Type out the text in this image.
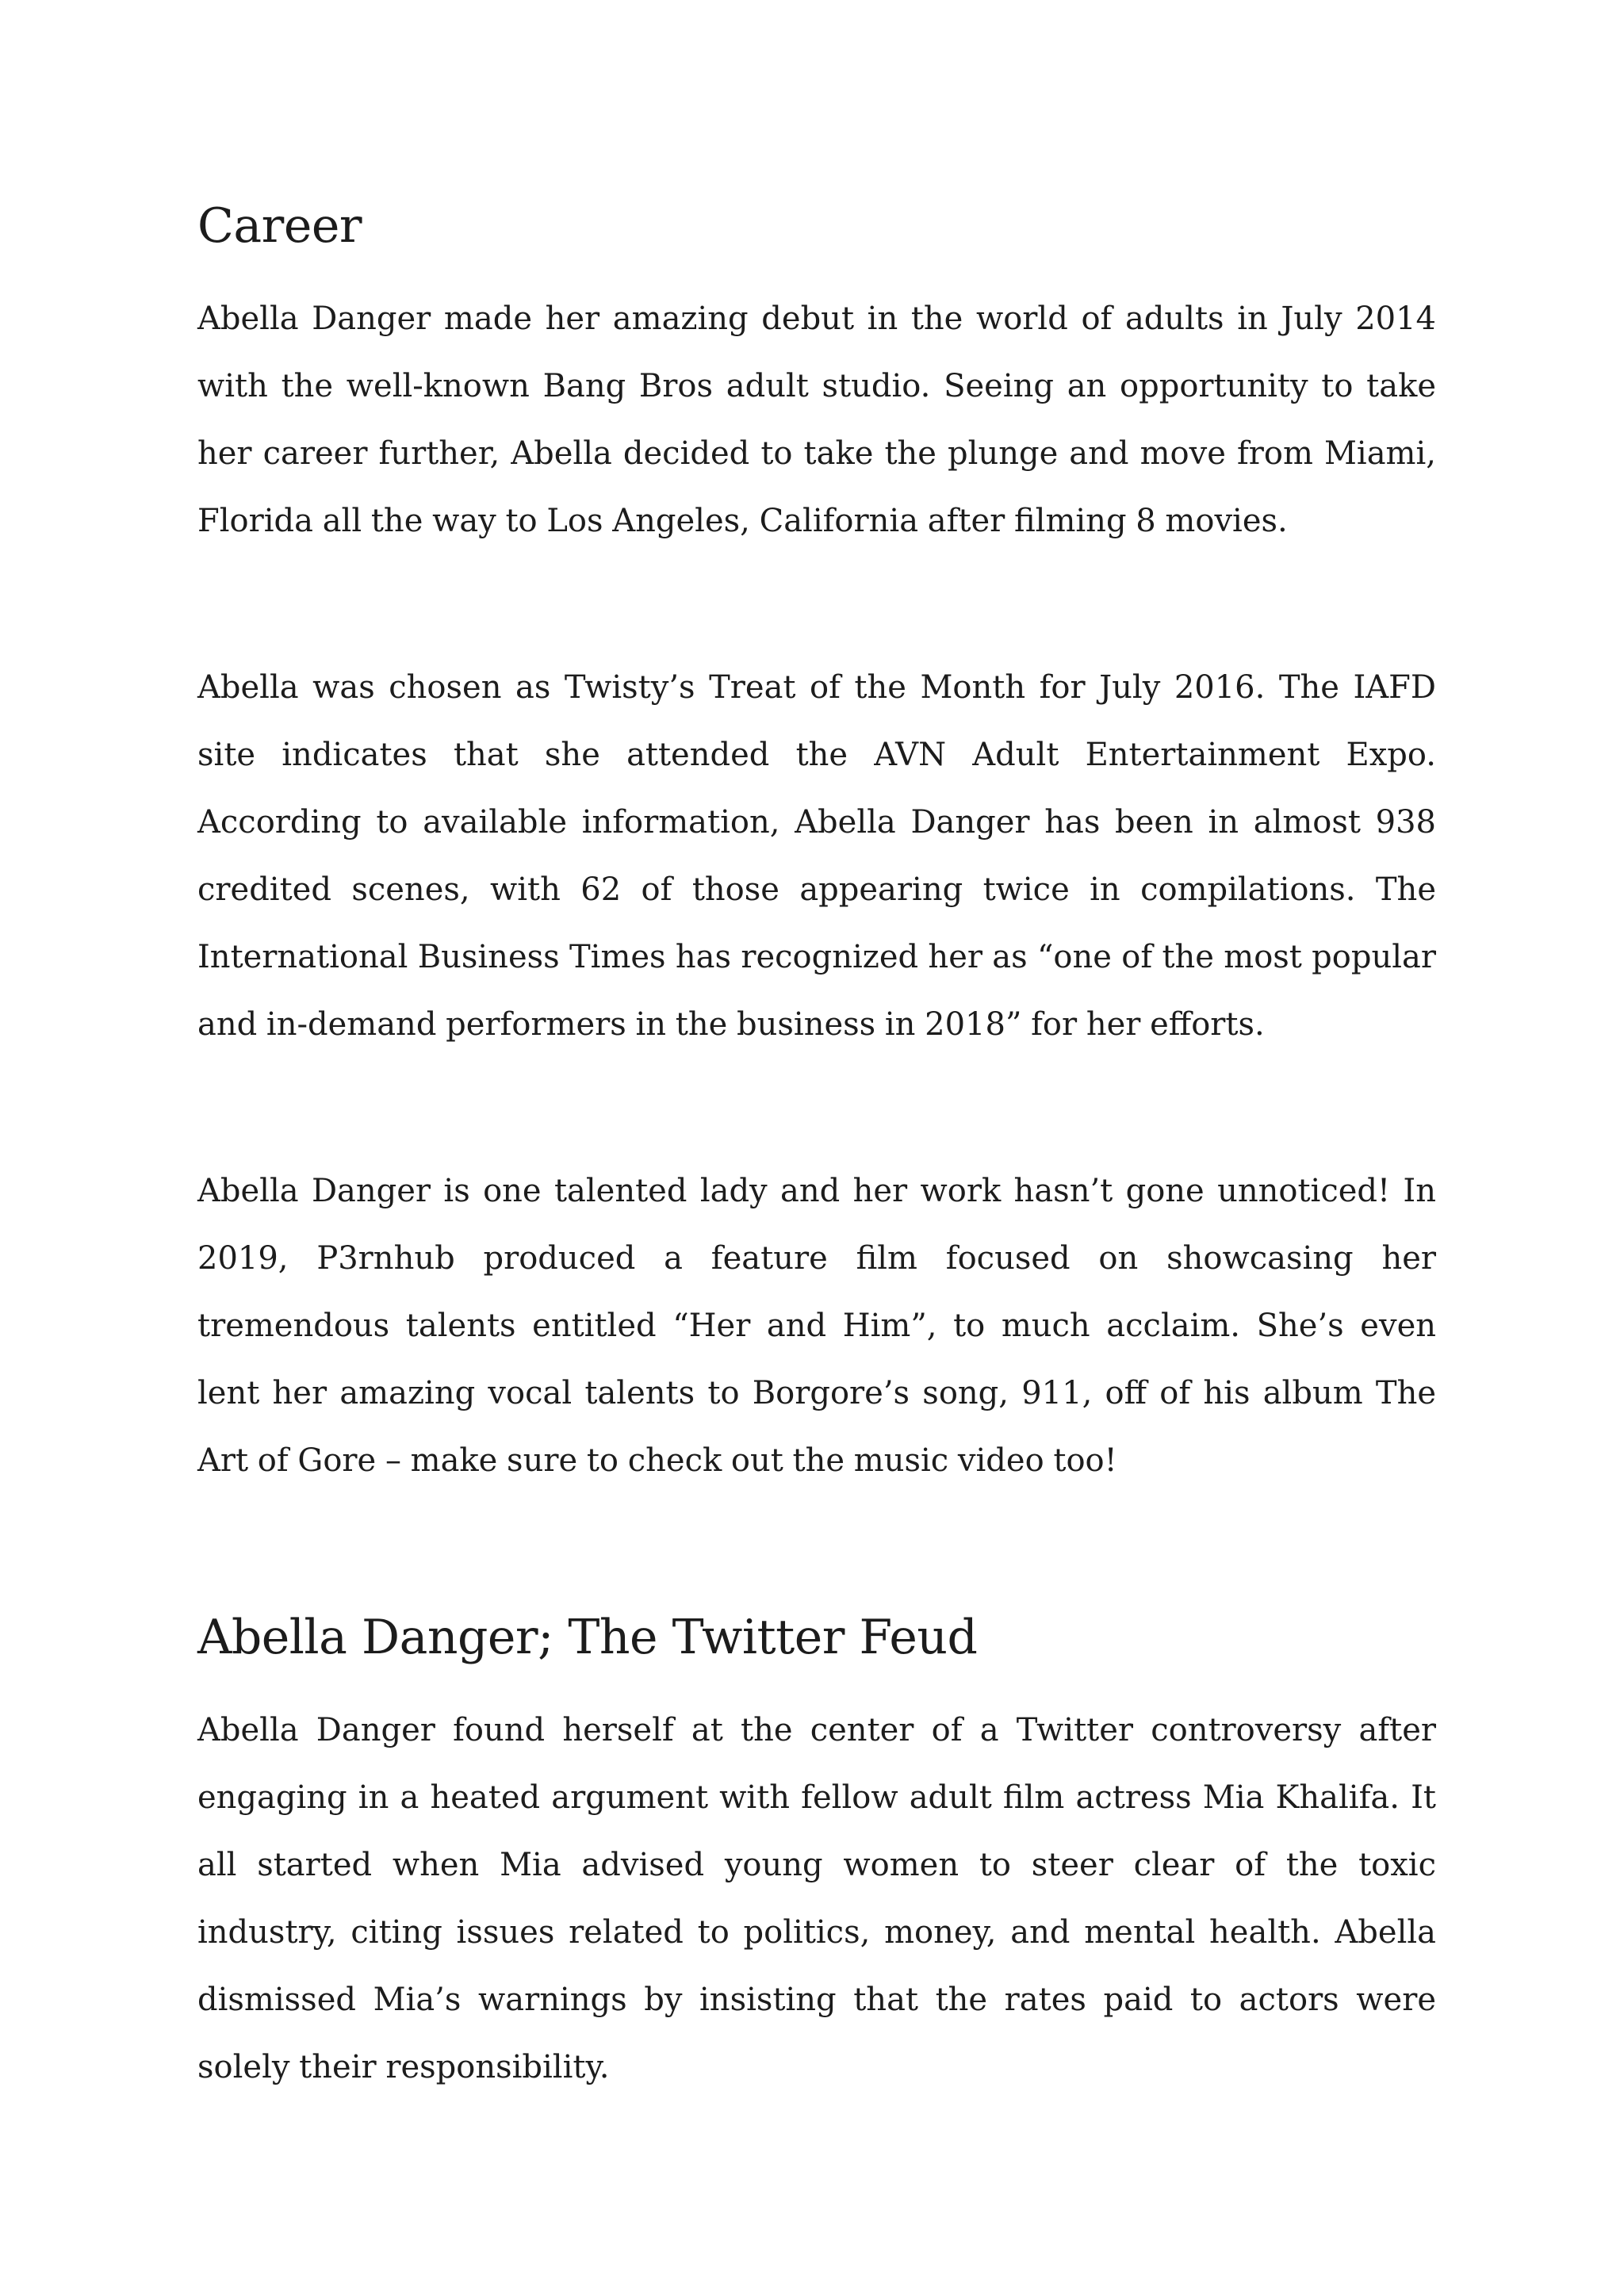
Career

Abella Danger made her amazing debut in the world of adults in July 2014 with the well-known Bang Bros adult studio. Seeing an opportunity to take her career further, Abella decided to take the plunge and move from Miami, Florida all the way to Los Angeles, California after filming 8 movies.

Abella was chosen as Twisty’s Treat of the Month for July 2016. The IAFD site indicates that she attended the AVN Adult Entertainment Expo. According to available information, Abella Danger has been in almost 938 credited scenes, with 62 of those appearing twice in compilations. The International Business Times has recognized her as “one of the most popular and in-demand performers in the business in 2018” for her efforts.

Abella Danger is one talented lady and her work hasn’t gone unnoticed! In 2019, P3rnhub produced a feature film focused on showcasing her tremendous talents entitled “Her and Him”, to much acclaim. She’s even lent her amazing vocal talents to Borgore’s song, 911, off of his album The Art of Gore – make sure to check out the music video too!

Abella Danger; The Twitter Feud

Abella Danger found herself at the center of a Twitter controversy after engaging in a heated argument with fellow adult film actress Mia Khalifa. It all started when Mia advised young women to steer clear of the toxic industry, citing issues related to politics, money, and mental health. Abella dismissed Mia’s warnings by insisting that the rates paid to actors were solely their responsibility.
